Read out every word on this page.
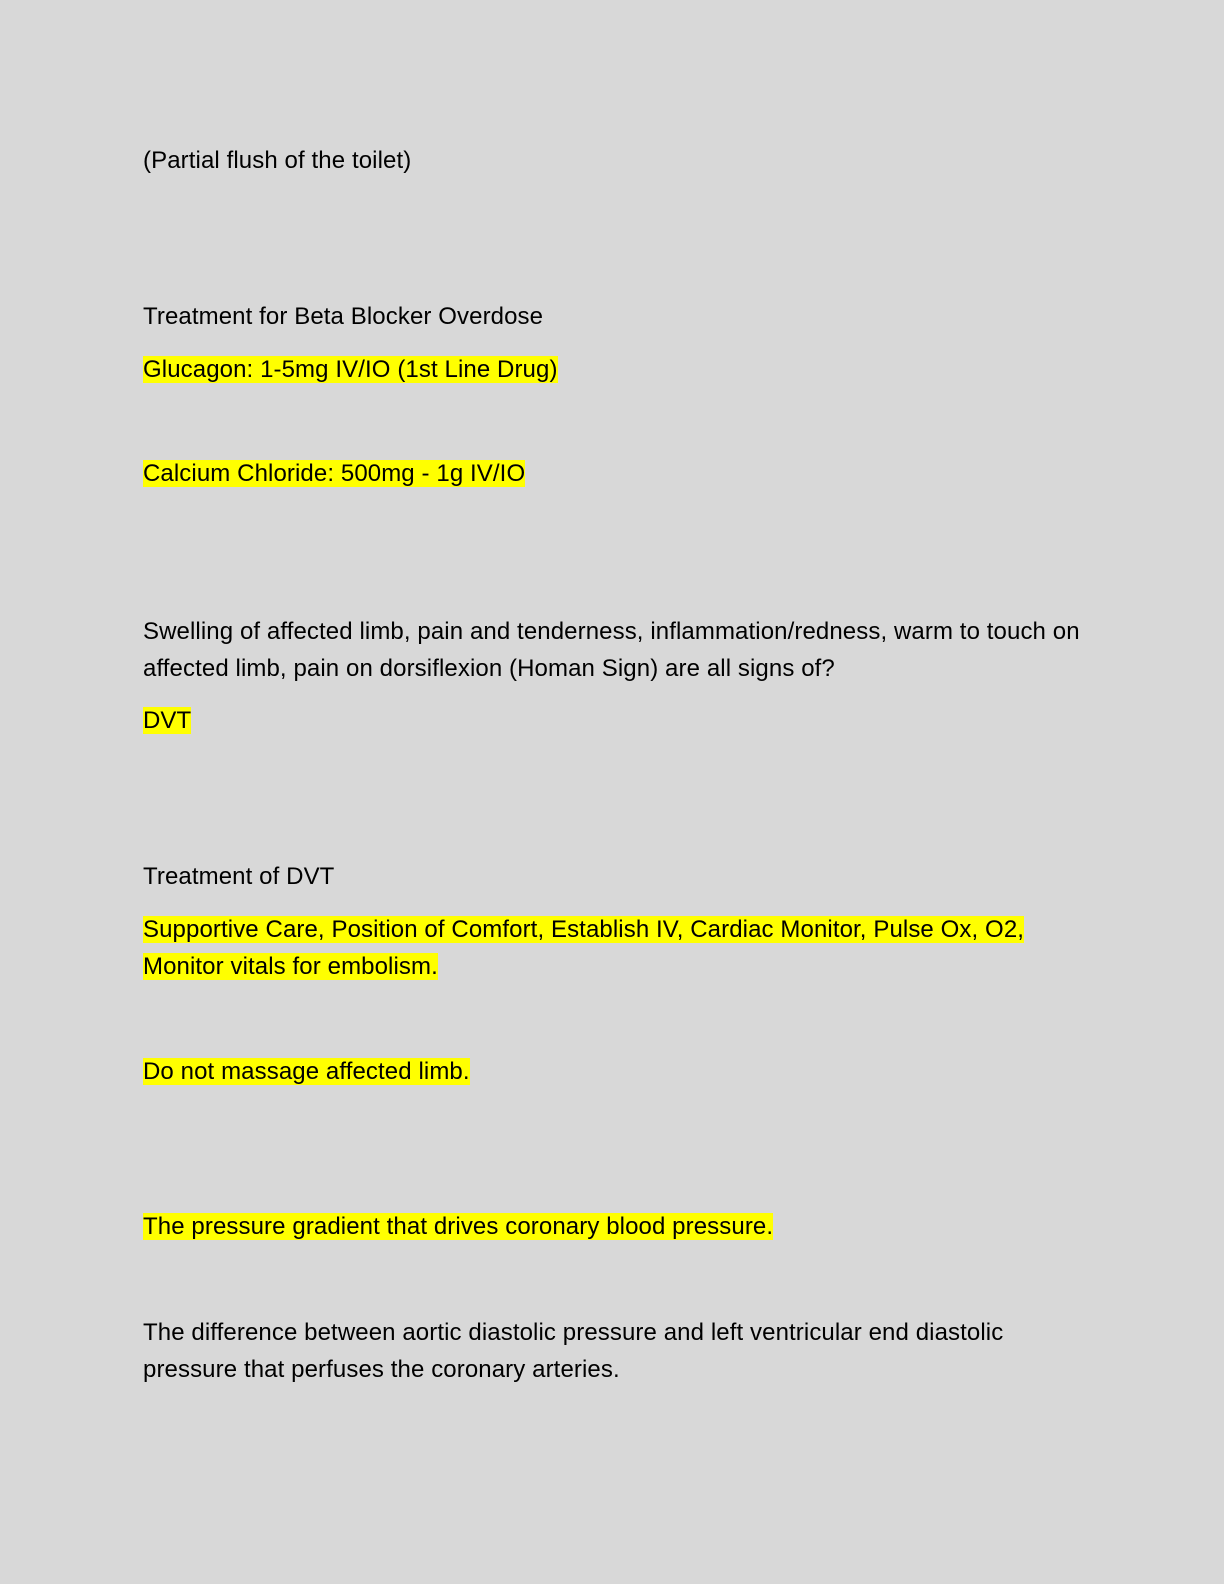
(Partial flush of the toilet)

Treatment for Beta Blocker Overdose

Glucagon: 1-5mg IV/IO (1st Line Drug)

Calcium Chloride: 500mg - 1g IV/IO

Swelling of affected limb, pain and tenderness, inflammation/redness, warm to touch on affected limb, pain on dorsiflexion (Homan Sign) are all signs of?

DVT

Treatment of DVT

Supportive Care, Position of Comfort, Establish IV, Cardiac Monitor, Pulse Ox, O2, Monitor vitals for embolism.

Do not massage affected limb.

The pressure gradient that drives coronary blood pressure.

The difference between aortic diastolic pressure and left ventricular end diastolic pressure that perfuses the coronary arteries.
